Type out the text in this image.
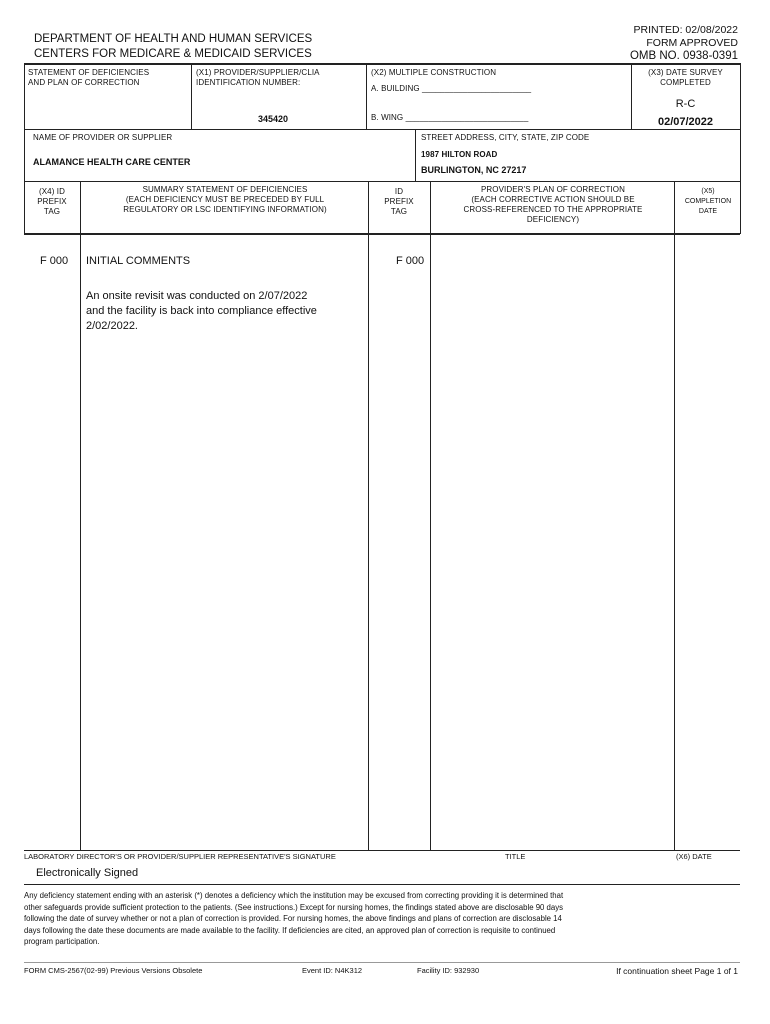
DEPARTMENT OF HEALTH AND HUMAN SERVICES
CENTERS FOR MEDICARE & MEDICAID SERVICES
PRINTED: 02/08/2022
FORM APPROVED
OMB NO. 0938-0391
STATEMENT OF DEFICIENCIES
AND PLAN OF CORRECTION
(X1) PROVIDER/SUPPLIER/CLIA
IDENTIFICATION NUMBER:
345420
(X2) MULTIPLE CONSTRUCTION
A. BUILDING ________________________
B. WING ___________________________
(X3) DATE SURVEY
COMPLETED
R-C
02/07/2022
NAME OF PROVIDER OR SUPPLIER
ALAMANCE HEALTH CARE CENTER
STREET ADDRESS, CITY, STATE, ZIP CODE
1987 HILTON ROAD
BURLINGTON, NC 27217
(X4) ID
PREFIX
TAG
SUMMARY STATEMENT OF DEFICIENCIES
(EACH DEFICIENCY MUST BE PRECEDED BY FULL
REGULATORY OR LSC IDENTIFYING INFORMATION)
ID
PREFIX
TAG
PROVIDER'S PLAN OF CORRECTION
(EACH CORRECTIVE ACTION SHOULD BE
CROSS-REFERENCED TO THE APPROPRIATE
DEFICIENCY)
(X5)
COMPLETION
DATE
F 000 INITIAL COMMENTS	F 000
An onsite revisit was conducted on 2/07/2022
and the facility is back into compliance effective
2/02/2022.
LABORATORY DIRECTOR'S OR PROVIDER/SUPPLIER REPRESENTATIVE'S SIGNATURE	TITLE	(X6) DATE
Electronically Signed
Any deficiency statement ending with an asterisk (*) denotes a deficiency which the institution may be excused from correcting providing it is determined that
other safeguards provide sufficient protection to the patients. (See instructions.) Except for nursing homes, the findings stated above are disclosable 90 days
following the date of survey whether or not a plan of correction is provided. For nursing homes, the above findings and plans of correction are disclosable 14
days following the date these documents are made available to the facility. If deficiencies are cited, an approved plan of correction is requisite to continued
program participation.
FORM CMS-2567(02-99) Previous Versions Obsolete	Event ID: N4K312	Facility ID: 932930	If continuation sheet Page 1 of 1
